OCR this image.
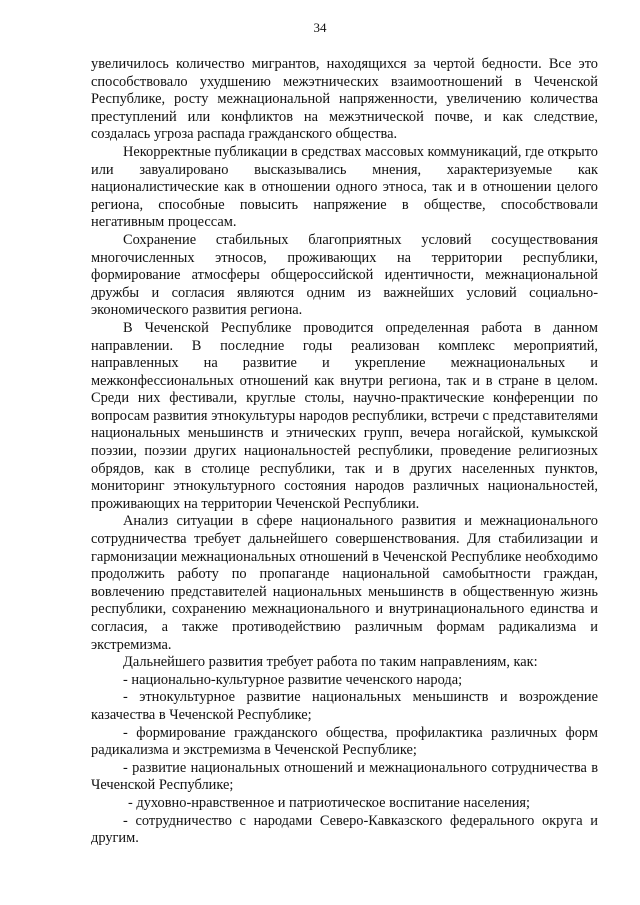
34

увеличилось количество мигрантов, находящихся за чертой бедности. Все это способствовало ухудшению межэтнических взаимоотношений в Чеченской Республике, росту межнациональной напряженности, увеличению количества преступлений или конфликтов на межэтнической почве, и как следствие, создалась угроза распада гражданского общества.

Некорректные публикации в средствах массовых коммуникаций, где открыто или завуалировано высказывались мнения, характеризуемые как националистические как в отношении одного этноса, так и в отношении целого региона, способные повысить напряжение в обществе, способствовали негативным процессам.

Сохранение стабильных благоприятных условий сосуществования многочисленных этносов, проживающих на территории республики, формирование атмосферы общероссийской идентичности, межнациональной дружбы и согласия являются одним из важнейших условий социально-экономического развития региона.

В Чеченской Республике проводится определенная работа в данном направлении. В последние годы реализован комплекс мероприятий, направленных на развитие и укрепление межнациональных и межконфессиональных отношений как внутри региона, так и в стране в целом. Среди них фестивали, круглые столы, научно-практические конференции по вопросам развития этнокультуры народов республики, встречи с представителями национальных меньшинств и этнических групп, вечера ногайской, кумыкской поэзии, поэзии других национальностей республики, проведение религиозных обрядов, как в столице республики, так и в других населенных пунктов, мониторинг этнокультурного состояния народов различных национальностей, проживающих на территории Чеченской Республики.

Анализ ситуации в сфере национального развития и межнационального сотрудничества требует дальнейшего совершенствования. Для стабилизации и гармонизации межнациональных отношений в Чеченской Республике необходимо продолжить работу по пропаганде национальной самобытности граждан, вовлечению представителей национальных меньшинств в общественную жизнь республики, сохранению межнационального и внутринационального единства и согласия, а также противодействию различным формам радикализма и экстремизма.

Дальнейшего развития требует работа по таким направлениям, как:

- национально-культурное развитие чеченского народа;

- этнокультурное развитие национальных меньшинств и возрождение казачества в Чеченской Республике;

- формирование гражданского общества, профилактика различных форм радикализма и экстремизма в Чеченской Республике;

- развитие национальных отношений и межнационального сотрудничества в Чеченской Республике;

- духовно-нравственное и патриотическое воспитание населения;

- сотрудничество с народами Северо-Кавказского федерального округа и другим.
